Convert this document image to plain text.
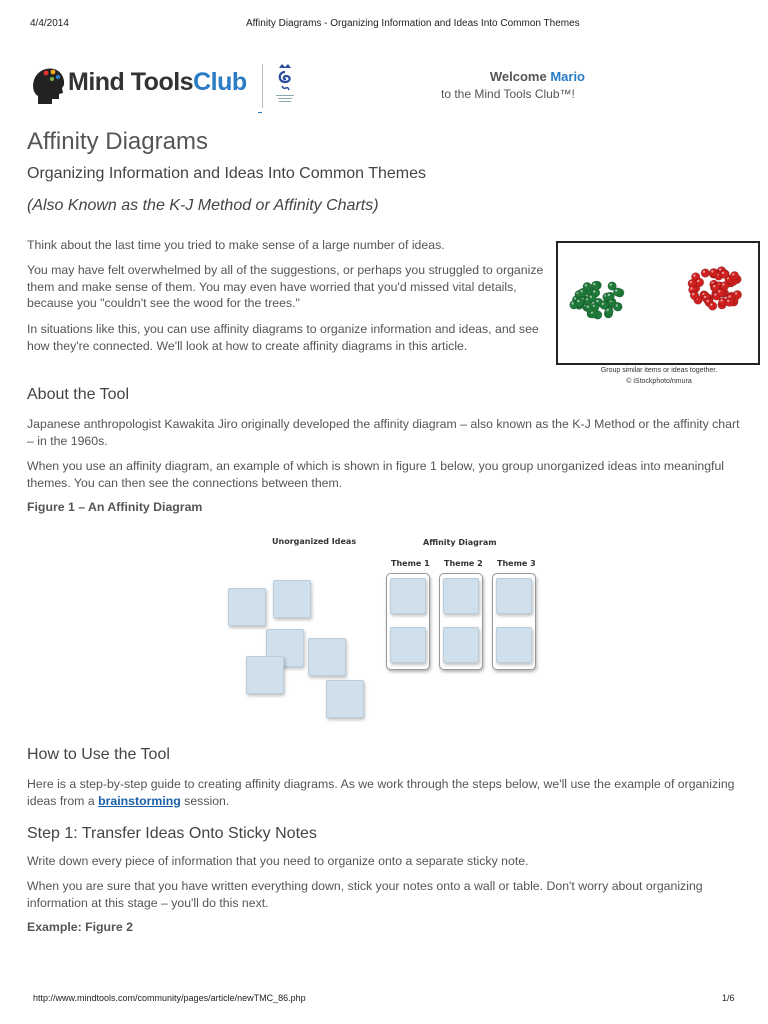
4/4/2014	Affinity Diagrams - Organizing Information and Ideas Into Common Themes
Mind ToolsClub	Welcome Mario
to the Mind Tools Club™!
Affinity Diagrams
Organizing Information and Ideas Into Common Themes
(Also Known as the K-J Method or Affinity Charts)
Think about the last time you tried to make sense of a large number of ideas.
You may have felt overwhelmed by all of the suggestions, or perhaps you struggled to organize them and make sense of them. You may even have worried that you'd missed vital details, because you "couldn't see the wood for the trees."
In situations like this, you can use affinity diagrams to organize information and ideas, and see how they're connected. We'll look at how to create affinity diagrams in this article.
Group similar items or ideas together.
© iStockphoto/nmura
About the Tool
Japanese anthropologist Kawakita Jiro originally developed the affinity diagram – also known as the K-J Method or the affinity chart – in the 1960s.
When you use an affinity diagram, an example of which is shown in figure 1 below, you group unorganized ideas into meaningful themes. You can then see the connections between them.
Figure 1 – An Affinity Diagram
Unorganized Ideas	Affinity Diagram
Theme 1 Theme 2 Theme 3
How to Use the Tool
Here is a step-by-step guide to creating affinity diagrams. As we work through the steps below, we'll use the example of organizing ideas from a brainstorming session.
Step 1: Transfer Ideas Onto Sticky Notes
Write down every piece of information that you need to organize onto a separate sticky note.
When you are sure that you have written everything down, stick your notes onto a wall or table. Don't worry about organizing information at this stage – you'll do this next.
Example: Figure 2
http://www.mindtools.com/community/pages/article/newTMC_86.php	1/6
